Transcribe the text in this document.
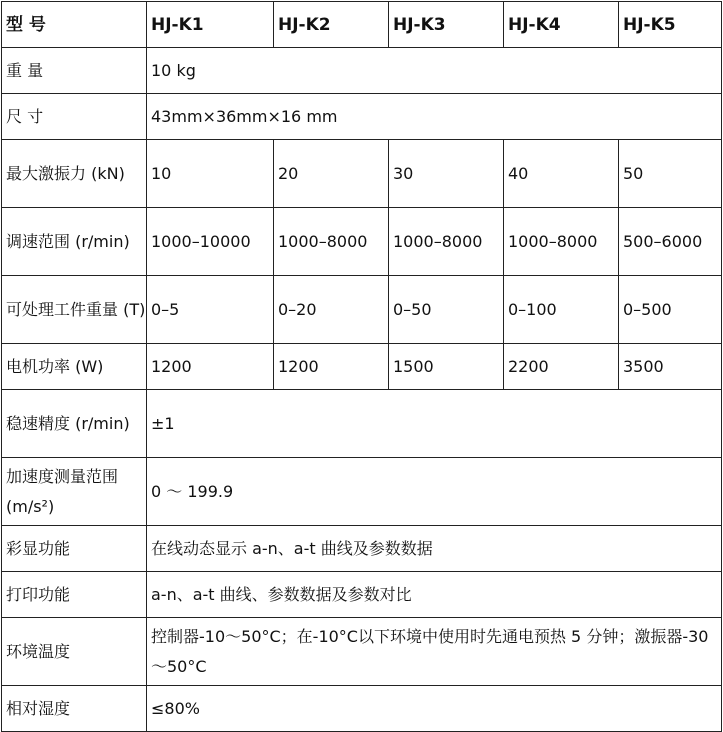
型 号	HJ-K1	HJ-K2	HJ-K3	HJ-K4	HJ-K5
重 量	10 kg				
尺 寸	43mm×36mm×16 mm				
最大激振力 (kN)	10	20	30	40	50
调速范围 (r/min)	1000–10000	1000–8000	1000–8000	1000–8000	500–6000
可处理工件重量 (T)	0–5	0–20	0–50	0–100	0–500
电机功率 (W)	1200	1200	1500	2200	3500
稳速精度 (r/min)	±1				
加速度测量范围 (m/s²)	0 ～ 199.9				
彩显功能	在线动态显示 a-n、a-t 曲线及参数数据				
打印功能	a-n、a-t 曲线、参数数据及参数对比				
环境温度	控制器-10～50°C；在-10°C以下环境中使用时先通电预热 5 分钟；激振器-30～50°C				
相对湿度	≤80%				
